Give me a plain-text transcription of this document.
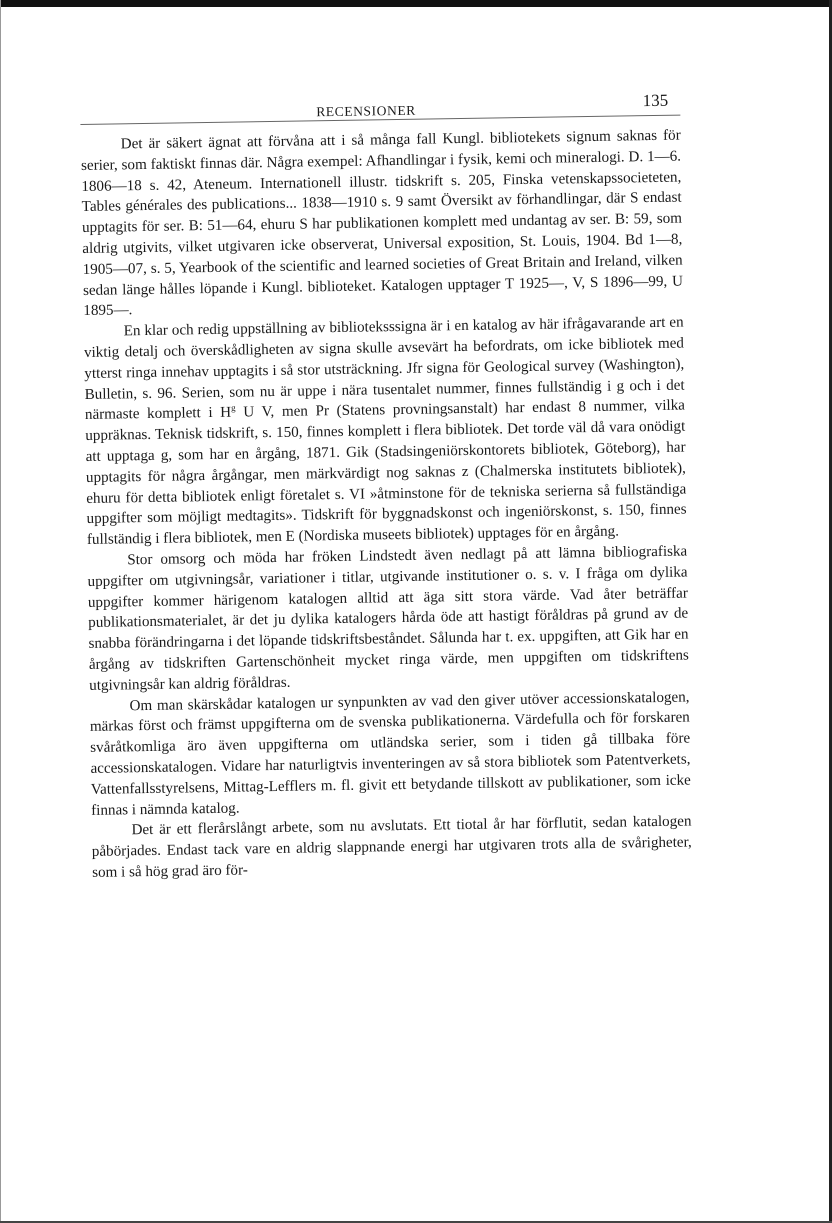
RECENSIONER
135

Det är säkert ägnat att förvåna att i så många fall Kungl. bibliotekets signum saknas för serier, som faktiskt finnas där. Några exempel: Afhandlingar i fysik, kemi och mineralogi. D. 1—6. 1806—18 s. 42, Ateneum. Internationell illustr. tidskrift s. 205, Finska vetenskapssocieteten, Tables générales des publications... 1838—1910 s. 9 samt Översikt av förhandlingar, där S endast upptagits för ser. B: 51—64, ehuru S har publikationen komplett med undantag av ser. B: 59, som aldrig utgivits, vilket utgivaren icke observerat, Universal exposition, St. Louis, 1904. Bd 1—8, 1905—07, s. 5, Yearbook of the scientific and learned societies of Great Britain and Ireland, vilken sedan länge hålles löpande i Kungl. biblioteket. Katalogen upptager T 1925—, V, S 1896—99, U 1895—.

En klar och redig uppställning av biblioteksssigna är i en katalog av här ifrågavarande art en viktig detalj och överskådligheten av signa skulle avsevärt ha befordrats, om icke bibliotek med ytterst ringa innehav upptagits i så stor utsträckning. Jfr signa för Geological survey (Washington), Bulletin, s. 96. Serien, som nu är uppe i nära tusentalet nummer, finnes fullständig i g och i det närmaste komplett i $H^g$ U V, men Pr (Statens provningsanstalt) har endast 8 nummer, vilka uppräknas. Teknisk tidskrift, s. 150, finnes komplett i flera bibliotek. Det torde väl då vara onödigt att upptaga g, som har en årgång, 1871. Gik (Stadsingeniörskontorets bibliotek, Göteborg), har upptagits för några årgångar, men märkvärdigt nog saknas z (Chalmerska institutets bibliotek), ehuru för detta bibliotek enligt företalet s. VI »åtminstone för de tekniska serierna så fullständiga uppgifter som möjligt medtagits». Tidskrift för byggnadskonst och ingeniörskonst, s. 150, finnes fullständig i flera bibliotek, men E (Nordiska museets bibliotek) upptages för en årgång.

Stor omsorg och möda har fröken Lindstedt även nedlagt på att lämna bibliografiska uppgifter om utgivningsår, variationer i titlar, utgivande institutioner o. s. v. I fråga om dylika uppgifter kommer härigenom katalogen alltid att äga sitt stora värde. Vad åter beträffar publikationsmaterialet, är det ju dylika katalogers hårda öde att hastigt föråldras på grund av de snabba förändringarna i det löpande tidskriftsbeståndet. Sålunda har t. ex. uppgiften, att Gik har en årgång av tidskriften Gartenschönheit mycket ringa värde, men uppgiften om tidskriftens utgivningsår kan aldrig föråldras.

Om man skärskådar katalogen ur synpunkten av vad den giver utöver accessionskatalogen, märkas först och främst uppgifterna om de svenska publikationerna. Värdefulla och för forskaren svåråtkomliga äro även uppgifterna om utländska serier, som i tiden gå tillbaka före accessionskatalogen. Vidare har naturligtvis inventeringen av så stora bibliotek som Patentverkets, Vattenfallsstyrelsens, Mittag-Lefflers m. fl. givit ett betydande tillskott av publikationer, som icke finnas i nämnda katalog.

Det är ett flerårslångt arbete, som nu avslutats. Ett tiotal år har förflutit, sedan katalogen påbörjades. Endast tack vare en aldrig slappnande energi har utgivaren trots alla de svårigheter, som i så hög grad äro för-
